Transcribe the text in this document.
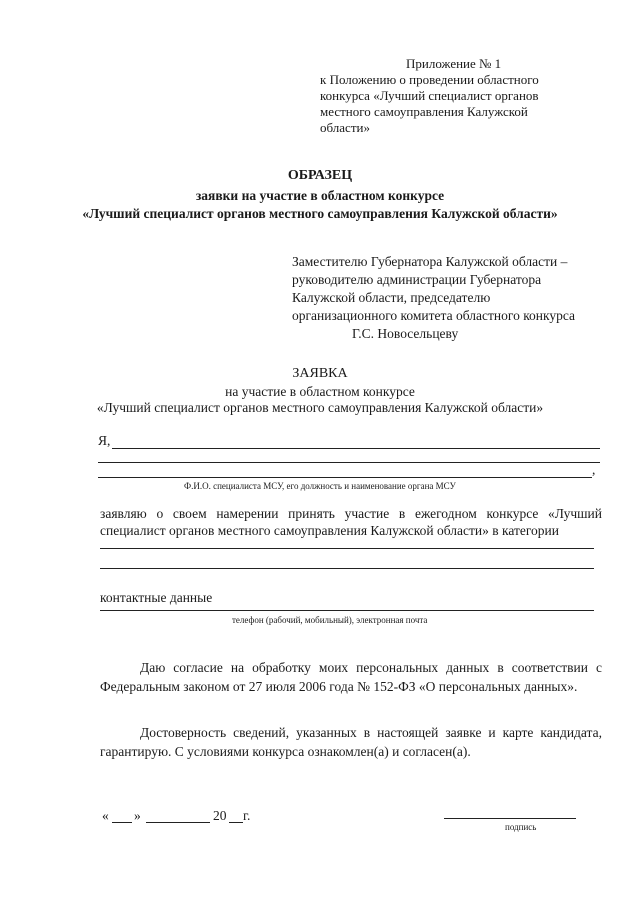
Приложение № 1
к Положению о проведении областного
конкурса «Лучший специалист органов
местного самоуправления Калужской
области»
ОБРАЗЕЦ
заявки на участие в областном конкурсе
«Лучший специалист органов местного самоуправления Калужской области»
Заместителю Губернатора Калужской области –
руководителю администрации Губернатора
Калужской области, председателю
организационного комитета областного конкурса
Г.С. Новосельцеву
ЗАЯВКА
на участие в областном конкурсе
«Лучший специалист органов местного самоуправления Калужской области»
Я,
,
Ф.И.О. специалиста МСУ, его должность и наименование органа МСУ
заявляю о своем намерении принять участие в ежегодном конкурсе «Лучший
специалист органов местного самоуправления Калужской области» в категории
контактные данные
телефон (рабочий, мобильный), электронная почта
Даю согласие на обработку моих персональных данных в соответствии с Федеральным законом от 27 июля 2006 года № 152-ФЗ «О персональных данных».
Достоверность сведений, указанных в настоящей заявке и карте кандидата, гарантирую. С условиями конкурса ознакомлен(а) и согласен(а).
« »	20 г.
подпись
